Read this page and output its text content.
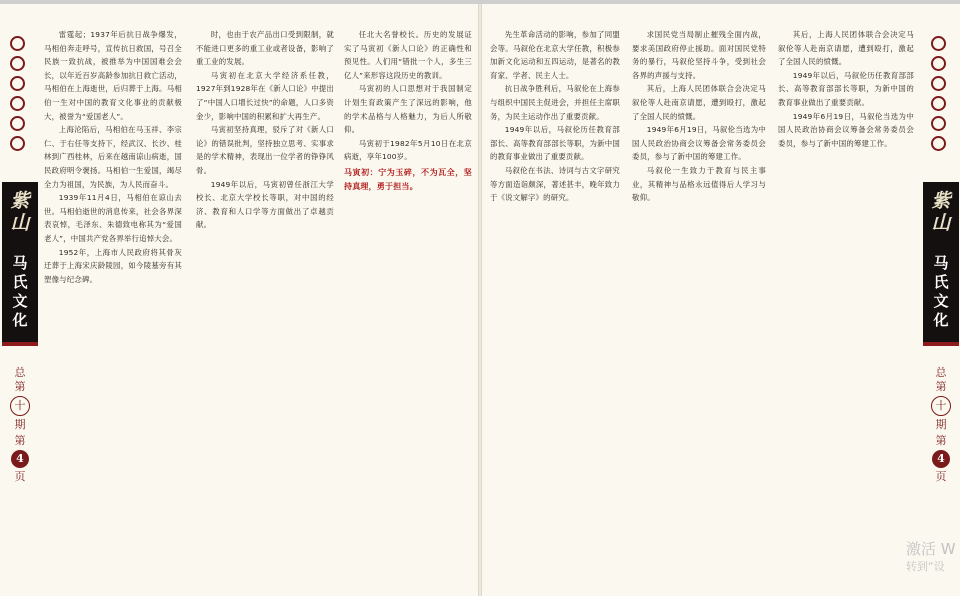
紫山
马氏文化
总
第
十
期
第
4
页

雷霆起；1937年后抗日战争爆发，马相伯奔走呼号，宣传抗日救国，号召全民族一致抗战，被推举为中国国难会会长，以年近百岁高龄参加抗日救亡活动，马相伯在上海逝世，后归葬于上海。马相伯一生对中国的教育文化事业的贡献极大，被誉为“爱国老人”。

上海沦陷后，马相伯在马玉祥、李宗仁、于右任等支持下，经武汉、长沙、桂林到广西桂林，后来在越南谅山病逝，国民政府明令褒扬。马相伯一生爱国，竭尽全力为祖国，为民族，为人民而奋斗。

1939年11月4日，马相伯在谅山去世。马相伯逝世的消息传来，社会各界深表哀悼，毛泽东、朱德致电称其为“爱国老人”，中国共产党各界举行追悼大会。

1952年，上海市人民政府将其骨灰迁葬于上海宋庆龄陵园，如今陵墓旁有其塑像与纪念碑。

时，也由于农产品出口受到限制，就不能进口更多的重工业或者设备，影响了重工业的发展。

马寅初在北京大学经济系任教，1927年到1928年在《新人口论》中提出了“中国人口增长过快”的命题，人口多资金少，影响中国的积累和扩大再生产。

马寅初坚持真理，驳斥了对《新人口论》的错误批判，坚持独立思考、实事求是的学术精神，表现出一位学者的铮铮风骨。

1949年以后，马寅初曾任浙江大学校长、北京大学校长等职，对中国的经济、教育和人口学等方面做出了卓越贡献。

任北大名誉校长。历史的发展证实了马寅初《新人口论》的正确性和预见性。人们用“错批一个人，多生三亿人”来形容这段历史的教训。

马寅初的人口思想对于我国制定计划生育政策产生了深远的影响，他的学术品格与人格魅力，为后人所敬仰。

马寅初于1982年5月10日在北京病逝，享年100岁。

马寅初：宁为玉碎，不为瓦全，坚持真理，勇于担当。

先生革命活动的影响，参加了同盟会等。马叙伦在北京大学任教，积极参加新文化运动和五四运动，是著名的教育家、学者、民主人士。

抗日战争胜利后，马叙伦在上海参与组织中国民主促进会，并担任主席职务，为民主运动作出了重要贡献。

1949年以后，马叙伦历任教育部部长、高等教育部部长等职，为新中国的教育事业做出了重要贡献。

马叙伦在书法、诗词与古文字研究等方面造诣颇深，著述甚丰，晚年致力于《说文解字》的研究。

求国民党当局制止摧残全面内战，要求美国政府停止援助。面对国民党特务的暴行，马叙伦坚持斗争，受到社会各界的声援与支持。

其后，上海人民团体联合会决定马叙伦等人赴南京请愿，遭到殴打，激起了全国人民的愤慨。

1949年6月19日，马叙伦当选为中国人民政治协商会议筹备会常务委员会委员，参与了新中国的筹建工作。

马叙伦一生致力于教育与民主事业，其精神与品格永远值得后人学习与敬仰。

其后，上海人民团体联合会决定马叙伦等人赴南京请愿，遭到殴打，激起了全国人民的愤慨。

1949年以后，马叙伦历任教育部部长、高等教育部部长等职，为新中国的教育事业做出了重要贡献。

1949年6月19日，马叙伦当选为中国人民政治协商会议筹备会常务委员会委员，参与了新中国的筹建工作。

紫山
马氏文化
总
第
十
期
第
4
页
激活 W
转到“设
